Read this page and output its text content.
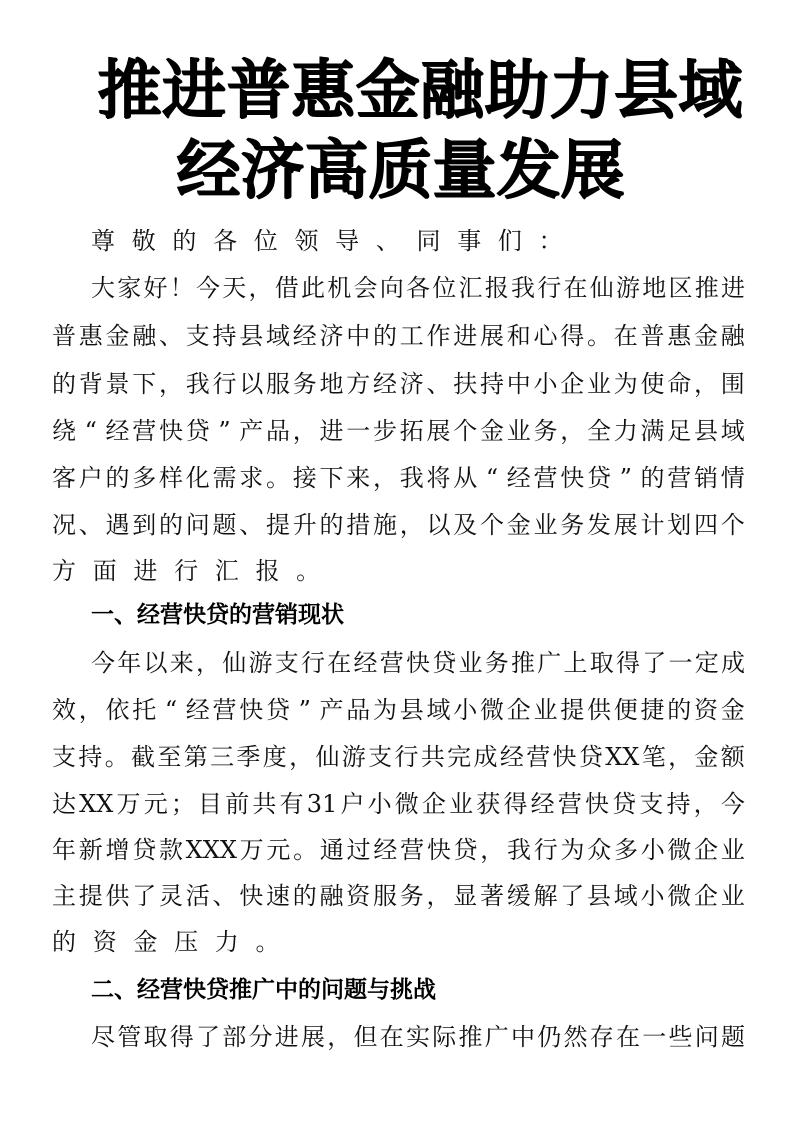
推 进 普 惠 金 融 助 力 县 域
经 济 高 质 量 发 展
尊 敬 的 各 位 领 导 、 同 事 们 ：
大 家 好 ！ 今 天 ， 借 此 机 会 向 各 位 汇 报 我 行 在 仙 游 地 区 推 进
普 惠 金 融 、 支 持 县 域 经 济 中 的 工 作 进 展 和 心 得 。 在 普 惠 金 融
的 背 景 下 ， 我 行 以 服 务 地 方 经 济 、 扶 持 中 小 企 业 为 使 命 ， 围
绕 “ 经 营 快 贷 ” 产 品 ， 进 一 步 拓 展 个 金 业 务 ， 全 力 满 足 县 域
客 户 的 多 样 化 需 求 。 接 下 来 ， 我 将 从 “ 经 营 快 贷 ” 的 营 销 情
况 、 遇 到 的 问 题 、 提 升 的 措 施 ， 以 及 个 金 业 务 发 展 计 划 四 个
方 面 进 行 汇 报 。
一、经营快贷的营销现状
今 年 以 来 ， 仙 游 支 行 在 经 营 快 贷 业 务 推 广 上 取 得 了 一 定 成
效 ， 依 托 “ 经 营 快 贷 ” 产 品 为 县 域 小 微 企 业 提 供 便 捷 的 资 金
支 持 。 截 至 第 三 季 度 ， 仙 游 支 行 共 完 成 经 营 快 贷 XX 笔 ， 金 额
达 XX 万 元 ； 目 前 共 有 31 户 小 微 企 业 获 得 经 营 快 贷 支 持 ， 今
年 新 增 贷 款 XXX 万 元 。 通 过 经 营 快 贷 ， 我 行 为 众 多 小 微 企 业
主 提 供 了 灵 活 、 快 速 的 融 资 服 务 ， 显 著 缓 解 了 县 域 小 微 企 业
的 资 金 压 力 。
二、经营快贷推广中的问题与挑战
尽 管 取 得 了 部 分 进 展 ， 但 在 实 际 推 广 中 仍 然 存 在 一 些 问 题
